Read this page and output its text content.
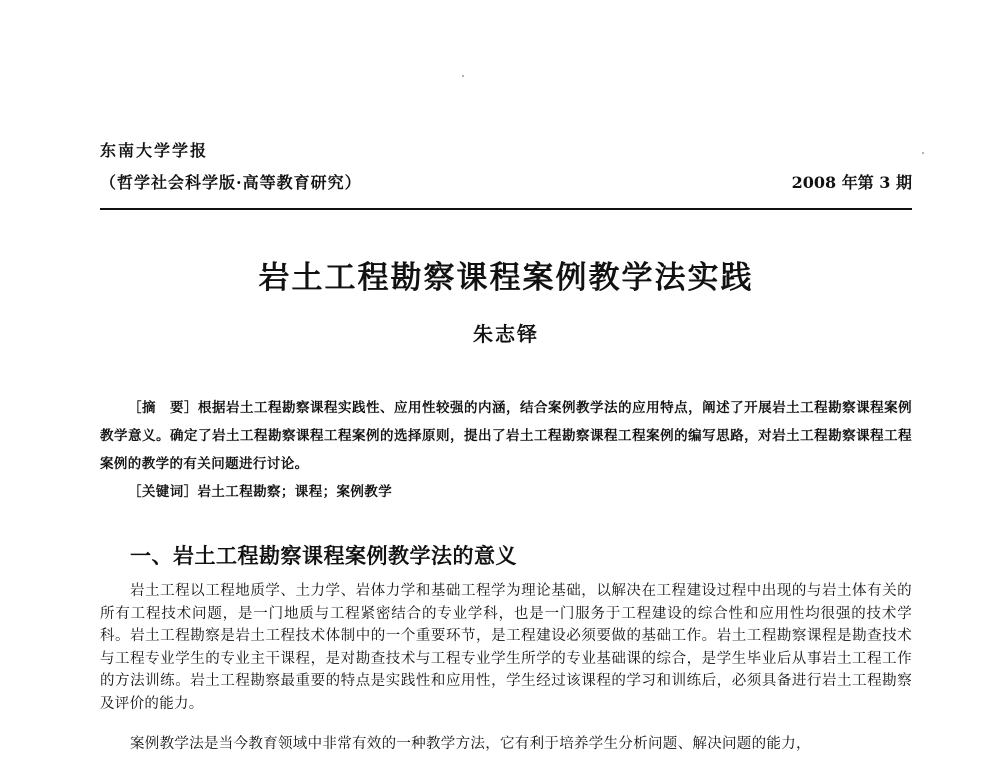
东南大学学报
（哲学社会科学版·高等教育研究）	2008 年第 3 期
岩土工程勘察课程案例教学法实践
朱志铎

［摘　要］根据岩土工程勘察课程实践性、应用性较强的内涵，结合案例教学法的应用特点，阐述了开展岩土工程勘察课程案例教学意义。确定了岩土工程勘察课程工程案例的选择原则，提出了岩土工程勘察课程工程案例的编写思路，对岩土工程勘察课程工程案例的教学的有关问题进行讨论。

［关键词］岩土工程勘察；课程；案例教学
一、岩土工程勘察课程案例教学法的意义

岩土工程以工程地质学、土力学、岩体力学和基础工程学为理论基础，以解决在工程建设过程中出现的与岩土体有关的所有工程技术问题，是一门地质与工程紧密结合的专业学科，也是一门服务于工程建设的综合性和应用性均很强的技术学科。岩土工程勘察是岩土工程技术体制中的一个重要环节，是工程建设必须要做的基础工作。岩土工程勘察课程是勘查技术与工程专业学生的专业主干课程，是对勘查技术与工程专业学生所学的专业基础课的综合，是学生毕业后从事岩土工程工作的方法训练。岩土工程勘察最重要的特点是实践性和应用性，学生经过该课程的学习和训练后，必须具备进行岩土工程勘察及评价的能力。

案例教学法是当今教育领域中非常有效的一种教学方法，它有利于培养学生分析问题、解决问题的能力，
